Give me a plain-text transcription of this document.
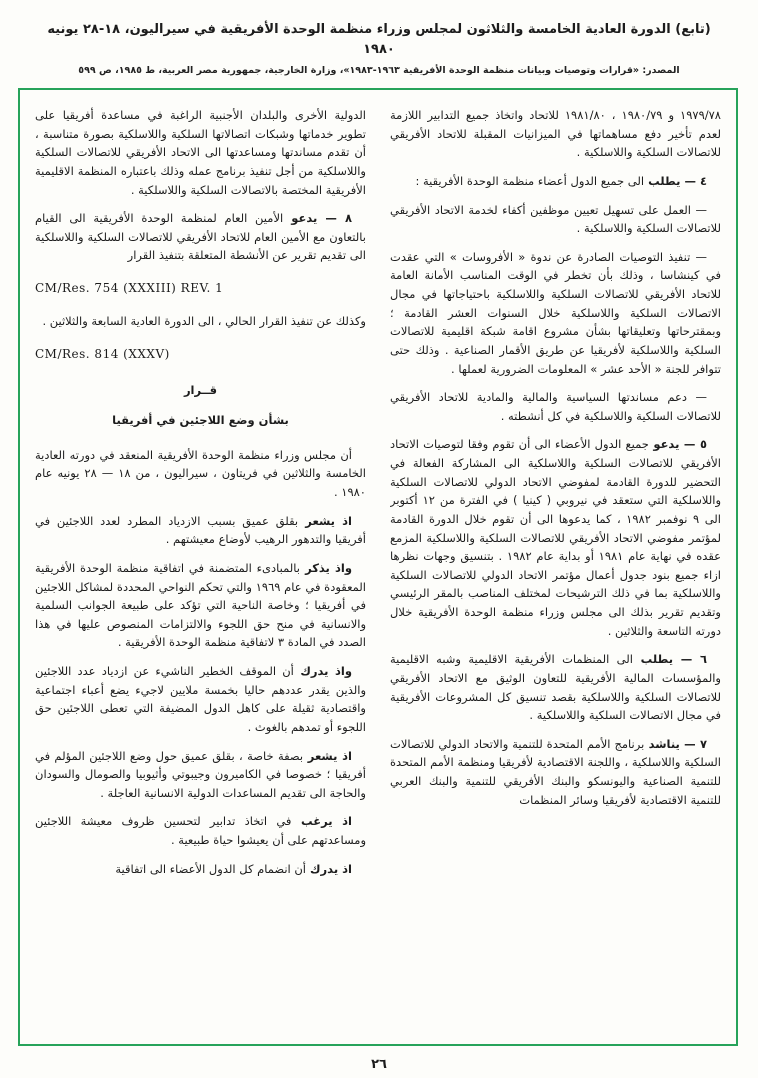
(تابع) الدورة العادية الخامسة والثلاثون لمجلس وزراء منظمة الوحدة الأفريقية في سيراليون، ١٨-٢٨ يونيه ١٩٨٠
المصدر: «قرارات وتوصيات وبيانات منظمة الوحدة الأفريقية ١٩٦٣-١٩٨٣»، وزارة الخارجية، جمهورية مصر العربية، ط ١٩٨٥، ص ٥٩٩

١٩٧٩/٧٨ و ١٩٨٠/٧٩ ، ١٩٨١/٨٠ للاتحاد واتخاذ جميع التدابير اللازمة لعدم تأخير دفع مساهماتها في الميزانيات المقبلة للاتحاد الأفريقي للاتصالات السلكية واللاسلكية .

٤ — يطلب الى جميع الدول أعضاء منظمة الوحدة الأفريقية :

— العمل على تسهيل تعيين موظفين أكفاء لخدمة الاتحاد الأفريقي للاتصالات السلكية واللاسلكية .

— تنفيذ التوصيات الصادرة عن ندوة « الأفروسات » التي عقدت في كينشاسا ، وذلك بأن تخطر في الوقت المناسب الأمانة العامة للاتحاد الأفريقي للاتصالات السلكية واللاسلكية باحتياجاتها في مجال الاتصالات السلكية واللاسلكية خلال السنوات العشر القادمة ؛ وبمقترحاتها وتعليقاتها بشأن مشروع اقامة شبكة اقليمية للاتصالات السلكية واللاسلكية لأفريقيا عن طريق الأقمار الصناعية . وذلك حتى تتوافر للجنة « الأحد عشر » المعلومات الضرورية لعملها .

— دعم مساندتها السياسية والمالية والمادية للاتحاد الأفريقي للاتصالات السلكية واللاسلكية في كل أنشطته .

٥ — يدعو جميع الدول الأعضاء الى أن تقوم وفقا لتوصيات الاتحاد الأفريقي للاتصالات السلكية واللاسلكية الى المشاركة الفعالة في التحضير للدورة القادمة لمفوضي الاتحاد الدولي للاتصالات السلكية واللاسلكية التي ستعقد في نيروبي ( كينيا ) في الفترة من ١٢ أكتوبر الى ٩ نوفمبر ١٩٨٢ ، كما يدعوها الى أن تقوم خلال الدورة القادمة لمؤتمر مفوضي الاتحاد الأفريقي للاتصالات السلكية واللاسلكية المزمع عقده في نهاية عام ١٩٨١ أو بداية عام ١٩٨٢ . بتنسيق وجهات نظرها ازاء جميع بنود جدول أعمال مؤتمر الاتحاد الدولي للاتصالات السلكية واللاسلكية بما في ذلك الترشيحات لمختلف المناصب بالمقر الرئيسي وتقديم تقرير بذلك الى مجلس وزراء منظمة الوحدة الأفريقية خلال دورته التاسعة والثلاثين .

٦ — يطلب الى المنظمات الأفريقية الاقليمية وشبه الاقليمية والمؤسسات المالية الأفريقية للتعاون الوثيق مع الاتحاد الأفريقي للاتصالات السلكية واللاسلكية بقصد تنسيق كل المشروعات الأفريقية في مجال الاتصالات السلكية واللاسلكية .

٧ — يناشد برنامج الأمم المتحدة للتنمية والاتحاد الدولي للاتصالات السلكية واللاسلكية ، واللجنة الاقتصادية لأفريقيا ومنظمة الأمم المتحدة للتنمية الصناعية واليونسكو والبنك الأفريقي للتنمية والبنك العربي للتنمية الاقتصادية لأفريقيا وسائر المنظمات

الدولية الأخرى والبلدان الأجنبية الراغبة في مساعدة أفريقيا على تطوير خدماتها وشبكات اتصالاتها السلكية واللاسلكية بصورة متناسبة ، أن تقدم مساندتها ومساعدتها الى الاتحاد الأفريقي للاتصالات السلكية واللاسلكية من أجل تنفيذ برنامج عمله وذلك باعتباره المنظمة الاقليمية الأفريقية المختصة بالاتصالات السلكية واللاسلكية .

٨ — يدعو الأمين العام لمنظمة الوحدة الأفريقية الى القيام بالتعاون مع الأمين العام للاتحاد الأفريقي للاتصالات السلكية واللاسلكية الى تقديم تقرير عن الأنشطة المتعلقة بتنفيذ القرار

CM/Res. 754 (XXXIII) REV. 1

وكذلك عن تنفيذ القرار الحالي ، الى الدورة العادية السابعة والثلاثين .

CM/Res. 814 (XXXV)

قــرار

بشأن وضع اللاجئين في أفريقيا

أن مجلس وزراء منظمة الوحدة الأفريقية المنعقد في دورته العادية الخامسة والثلاثين في فريتاون ، سيراليون ، من ١٨ — ٢٨ يونيه عام ١٩٨٠ .

اذ يشعر بقلق عميق بسبب الازدياد المطرد لعدد اللاجئين في أفريقيا والتدهور الرهيب لأوضاع معيشتهم .

واذ يذكر بالمبادىء المتضمنة في اتفاقية منظمة الوحدة الأفريقية المعقودة في عام ١٩٦٩ والتي تحكم النواحي المحددة لمشاكل اللاجئين في أفريقيا ؛ وخاصة الناحية التي تؤكد على طبيعة الجوانب السلمية والانسانية في منح حق اللجوء والالتزامات المنصوص عليها في هذا الصدد في المادة ٣ لاتفاقية منظمة الوحدة الأفريقية .

واذ يدرك أن الموقف الخطير الناشيء عن ازدياد عدد اللاجئين والذين يقدر عددهم حاليا بخمسة ملايين لاجيء يضع أعباء اجتماعية واقتصادية ثقيلة على كاهل الدول المضيفة التي تعطى اللاجئين حق اللجوء أو تمدهم بالغوث .

اذ يشعر بصفة خاصة ، بقلق عميق حول وضع اللاجئين المؤلم في أفريقيا ؛ خصوصا في الكاميرون وجيبوتي وأثيوبيا والصومال والسودان والحاجة الى تقديم المساعدات الدولية الانسانية العاجلة .

اذ يرغب في اتخاذ تدابير لتحسين ظروف معيشة اللاجئين ومساعدتهم على أن يعيشوا حياة طبيعية .

اذ يدرك أن انضمام كل الدول الأعضاء الى اتفاقية

٢٦
